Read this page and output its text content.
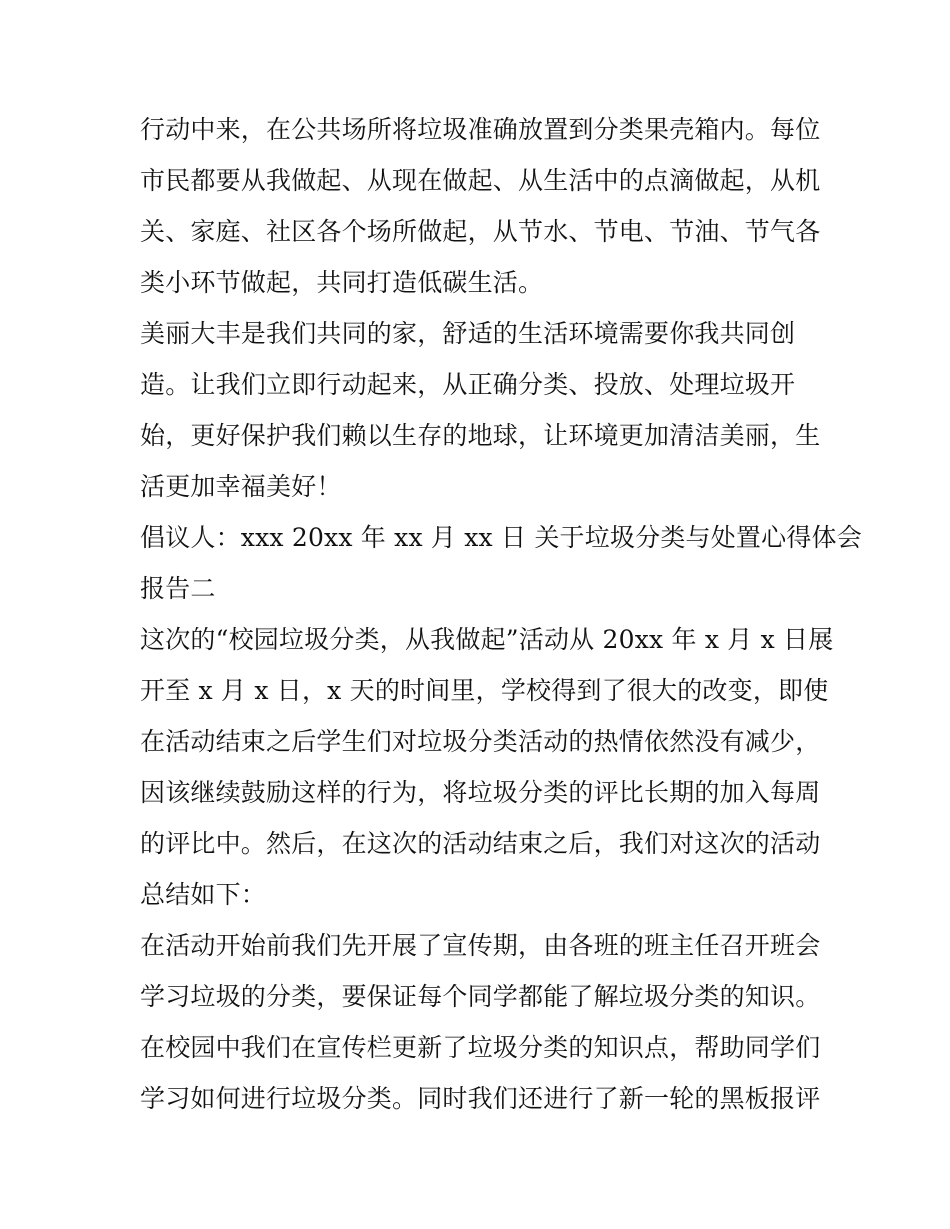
行动中来，在公共场所将垃圾准确放置到分类果壳箱内。每位
市民都要从我做起、从现在做起、从生活中的点滴做起，从机
关、家庭、社区各个场所做起，从节水、节电、节油、节气各
类小环节做起，共同打造低碳生活。
美丽大丰是我们共同的家，舒适的生活环境需要你我共同创
造。让我们立即行动起来，从正确分类、投放、处理垃圾开
始，更好保护我们赖以生存的地球，让环境更加清洁美丽，生
活更加幸福美好！
倡议人：xxx 20xx 年 xx 月 xx 日 关于垃圾分类与处置心得体会
报告二
这次的“校园垃圾分类，从我做起”活动从 20xx 年 x 月 x 日展
开至 x 月 x 日，x 天的时间里，学校得到了很大的改变，即使
在活动结束之后学生们对垃圾分类活动的热情依然没有减少，
因该继续鼓励这样的行为，将垃圾分类的评比长期的加入每周
的评比中。然后，在这次的活动结束之后，我们对这次的活动
总结如下：
在活动开始前我们先开展了宣传期，由各班的班主任召开班会
学习垃圾的分类，要保证每个同学都能了解垃圾分类的知识。
在校园中我们在宣传栏更新了垃圾分类的知识点，帮助同学们
学习如何进行垃圾分类。同时我们还进行了新一轮的黑板报评
